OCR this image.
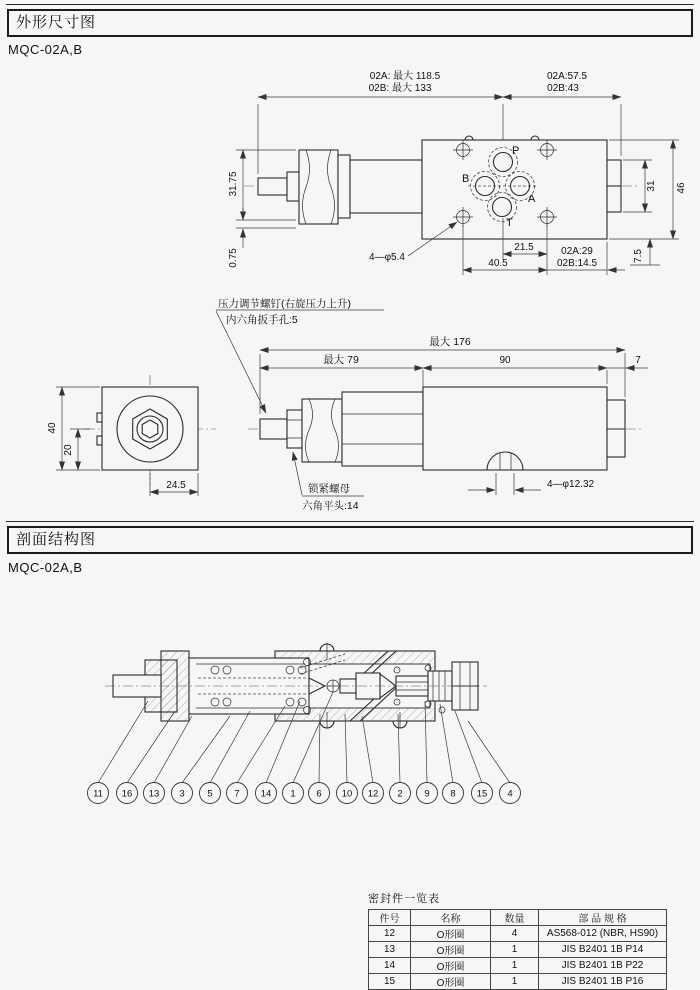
外形尺寸图
MQC-02A,B
P
B
A
T
02A: 最大 118.5
02B: 最大 133
02A:57.5
02B:43
31.75
0.75
31 46
7.5
21.5
40.5
02A:29
02B:14.5
4—φ5.4
压力调节螺钉(右旋压力上升)
内六角扳手孔:5
最大 176
最大 79	90	7
锁紧螺母
六角平头:14
4—φ12.32
40
20
24.5
剖面结构图
MQC-02A,B
11 16 13 3 5 7 14 1 6 10 12 2 9 8 15 4
密封件一览表
件号	名称	数量	部 品 规 格
12	O形圈	4	AS568-012 (NBR, HS90)
13	O形圈	1	JIS B2401 1B P14
14	O形圈	1	JIS B2401 1B P22
15	O形圈	1	JIS B2401 1B P16
